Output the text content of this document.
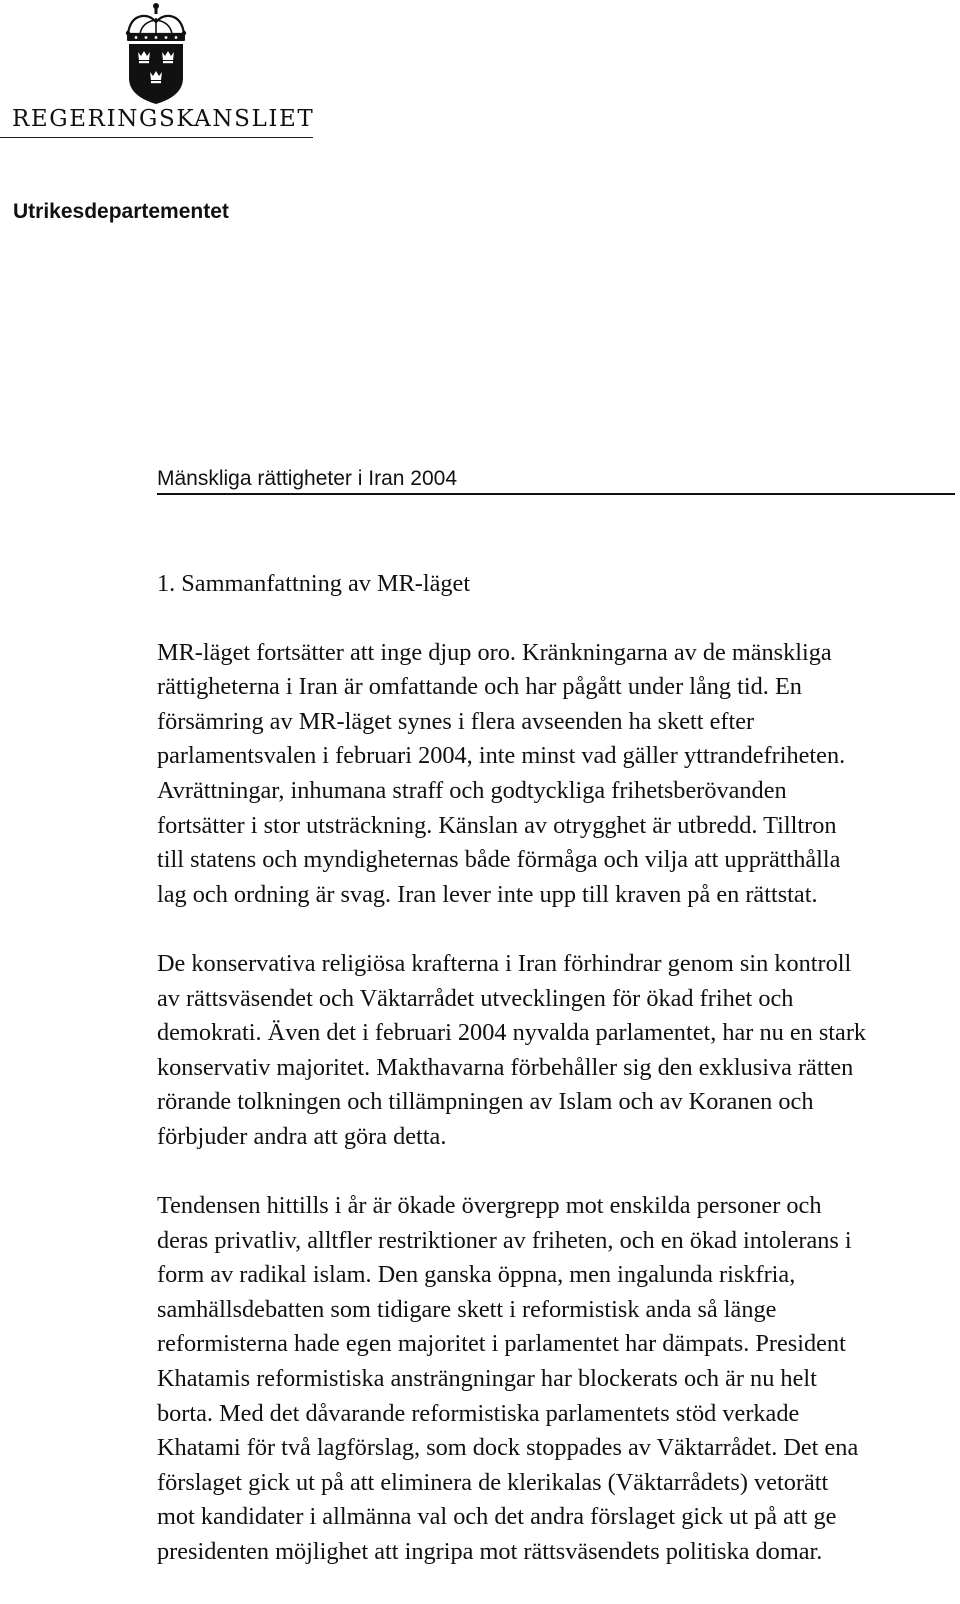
REGERINGSKANSLIET
Utrikesdepartementet
Mänskliga rättigheter i Iran 2004
1. Sammanfattning av MR-läget

MR-läget fortsätter att inge djup oro. Kränkningarna av de mänskliga
rättigheterna i Iran är omfattande och har pågått under lång tid. En
försämring av MR-läget synes i flera avseenden ha skett efter
parlamentsvalen i februari 2004, inte minst vad gäller yttrandefriheten.
Avrättningar, inhumana straff och godtyckliga frihetsberövanden
fortsätter i stor utsträckning. Känslan av otrygghet är utbredd. Tilltron
till statens och myndigheternas både förmåga och vilja att upprätthålla
lag och ordning är svag. Iran lever inte upp till kraven på en rättstat.

De konservativa religiösa krafterna i Iran förhindrar genom sin kontroll
av rättsväsendet och Väktarrådet utvecklingen för ökad frihet och
demokrati. Även det i februari 2004 nyvalda parlamentet, har nu en stark
konservativ majoritet. Makthavarna förbehåller sig den exklusiva rätten
rörande tolkningen och tillämpningen av Islam och av Koranen och
förbjuder andra att göra detta.

Tendensen hittills i år är ökade övergrepp mot enskilda personer och
deras privatliv, alltfler restriktioner av friheten, och en ökad intolerans i
form av radikal islam. Den ganska öppna, men ingalunda riskfria,
samhällsdebatten som tidigare skett i reformistisk anda så länge
reformisterna hade egen majoritet i parlamentet har dämpats. President
Khatamis reformistiska ansträngningar har blockerats och är nu helt
borta. Med det dåvarande reformistiska parlamentets stöd verkade
Khatami för två lagförslag, som dock stoppades av Väktarrådet. Det ena
förslaget gick ut på att eliminera de klerikalas (Väktarrådets) vetorätt
mot kandidater i allmänna val och det andra förslaget gick ut på att ge
presidenten möjlighet att ingripa mot rättsväsendets politiska domar.
